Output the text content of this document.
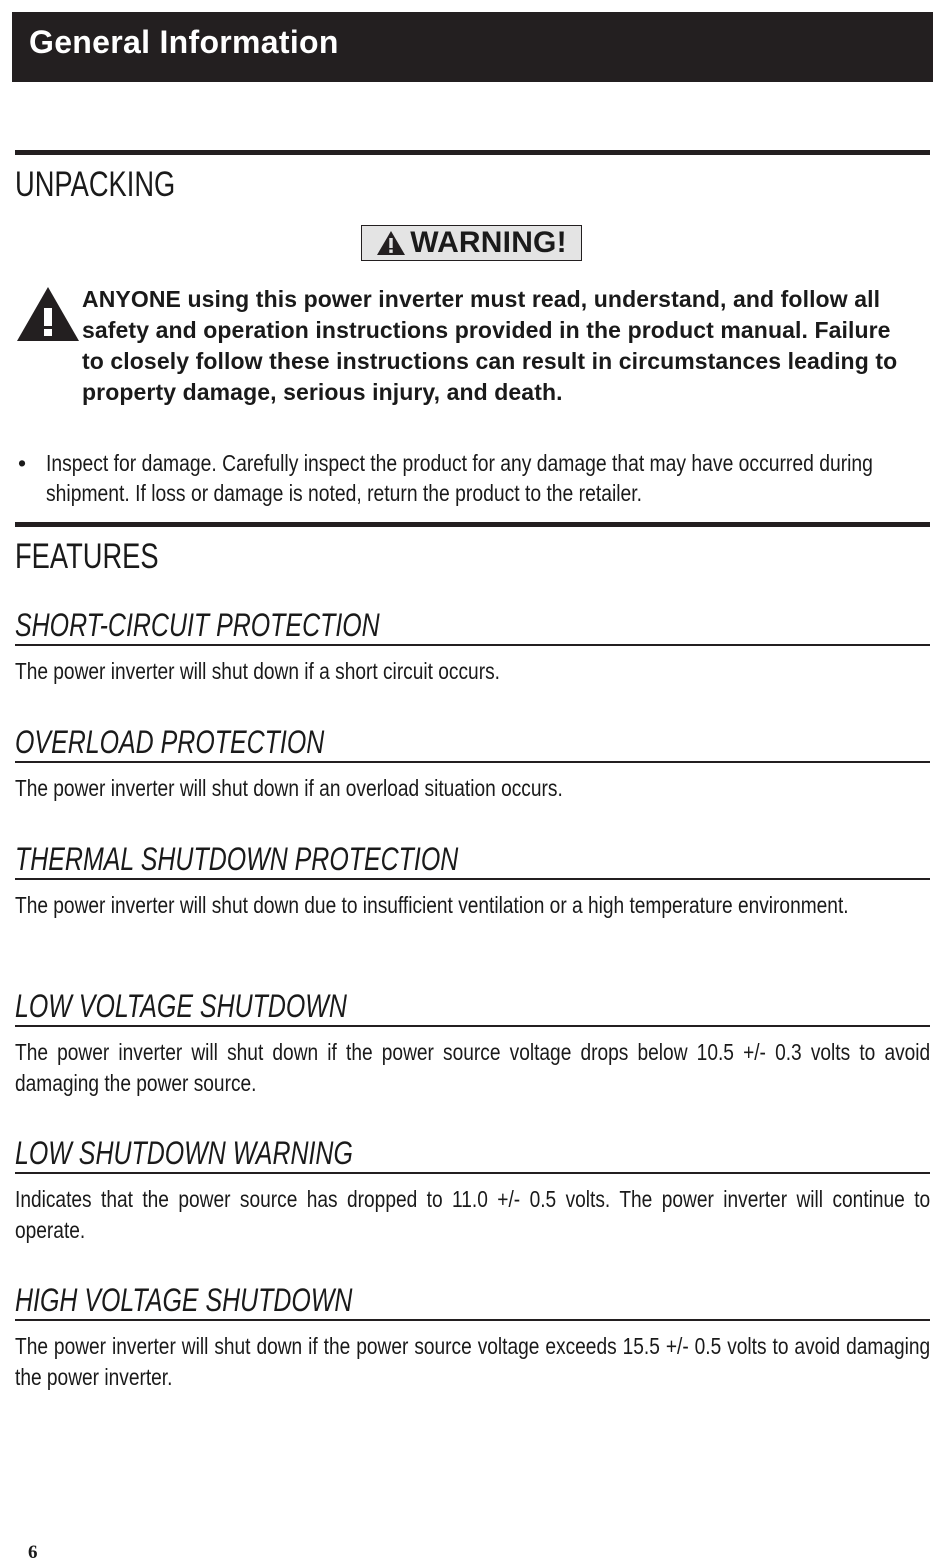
General Information
UNPACKING
WARNING!
ANYONE using this power inverter must read, understand, and follow all safety and operation instructions provided in the product manual. Failure to closely follow these instructions can result in circumstances leading to property damage, serious injury, and death.
• Inspect for damage. Carefully inspect the product for any damage that may have occurred during shipment. If loss or damage is noted, return the product to the retailer.
FEATURES
SHORT-CIRCUIT PROTECTION
The power inverter will shut down if a short circuit occurs.
OVERLOAD PROTECTION
The power inverter will shut down if an overload situation occurs.
THERMAL SHUTDOWN PROTECTION
The power inverter will shut down due to insufficient ventilation or a high temperature environment.
LOW VOLTAGE SHUTDOWN
The power inverter will shut down if the power source voltage drops below 10.5 +/- 0.3 volts to avoid damaging the power source.
LOW SHUTDOWN WARNING
Indicates that the power source has dropped to 11.0 +/- 0.5 volts. The power inverter will continue to operate.
HIGH VOLTAGE SHUTDOWN
The power inverter will shut down if the power source voltage exceeds 15.5 +/- 0.5 volts to avoid damaging the power inverter.
6
